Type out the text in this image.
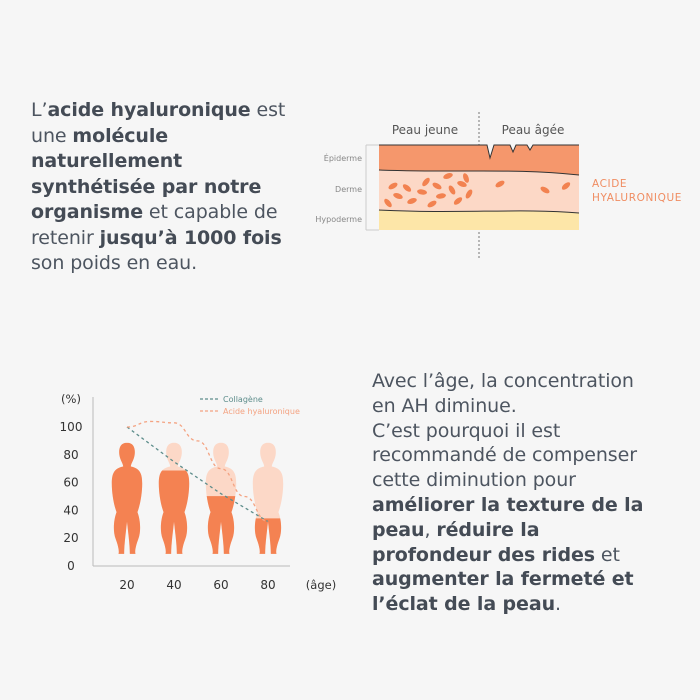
L’acide hyaluronique est une molécule naturellement synthétisée par notre organisme et capable de retenir jusqu’à 1000 fois son poids en eau.
Peau jeune	Peau âgée
Épiderme
Derme
Hypoderme
ACIDE
HYALURONIQUE
(%)
(âge)
0
20
40
60
80
100
20	40	60	80
Collagène
Acide hyaluronique
Avec l’âge, la concentration
en AH diminue.
C’est pourquoi il est
recommandé de compenser
cette diminution pour
améliorer la texture de la
peau, réduire la
profondeur des rides et
augmenter la fermeté et
l’éclat de la peau.
